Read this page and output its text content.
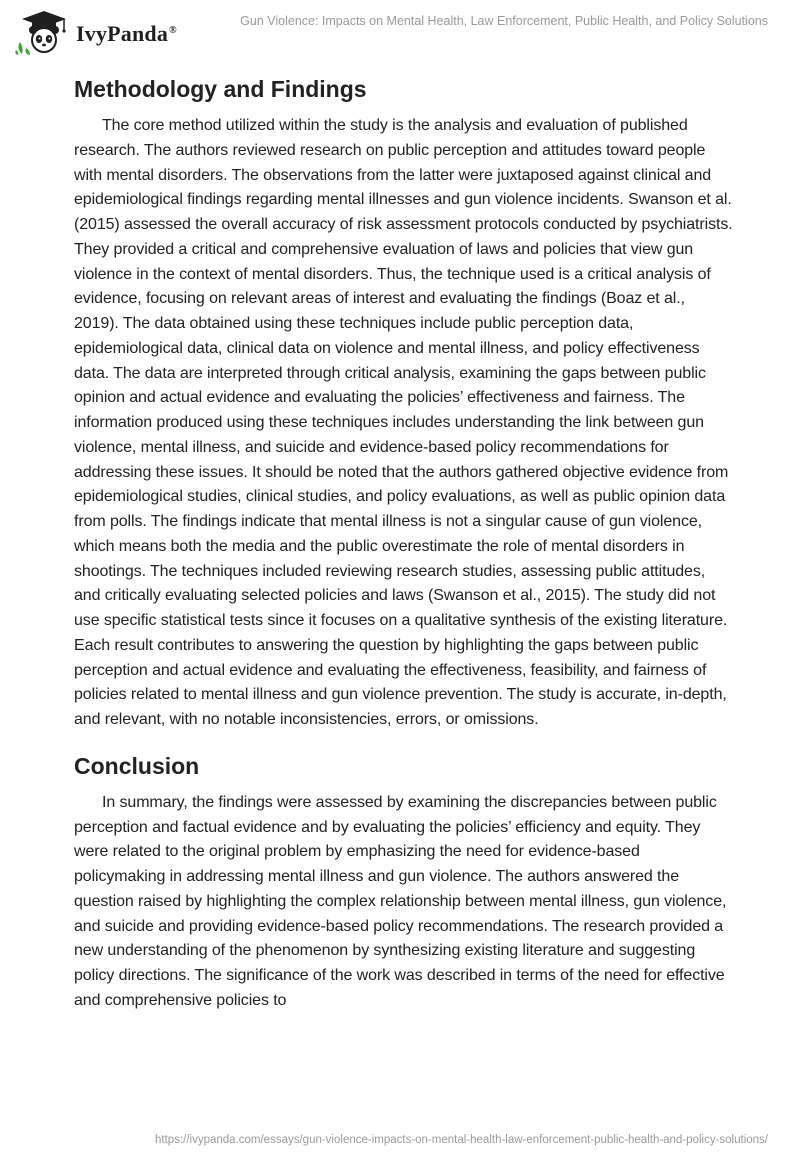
IvyPanda®
Gun Violence: Impacts on Mental Health, Law Enforcement, Public Health, and Policy Solutions
Methodology and Findings

The core method utilized within the study is the analysis and evaluation of published research. The authors reviewed research on public perception and attitudes toward people with mental disorders. The observations from the latter were juxtaposed against clinical and epidemiological findings regarding mental illnesses and gun violence incidents. Swanson et al. (2015) assessed the overall accuracy of risk assessment protocols conducted by psychiatrists. They provided a critical and comprehensive evaluation of laws and policies that view gun violence in the context of mental disorders. Thus, the technique used is a critical analysis of evidence, focusing on relevant areas of interest and evaluating the findings (Boaz et al., 2019). The data obtained using these techniques include public perception data, epidemiological data, clinical data on violence and mental illness, and policy effectiveness data. The data are interpreted through critical analysis, examining the gaps between public opinion and actual evidence and evaluating the policies’ effectiveness and fairness. The information produced using these techniques includes understanding the link between gun violence, mental illness, and suicide and evidence-based policy recommendations for addressing these issues. It should be noted that the authors gathered objective evidence from epidemiological studies, clinical studies, and policy evaluations, as well as public opinion data from polls. The findings indicate that mental illness is not a singular cause of gun violence, which means both the media and the public overestimate the role of mental disorders in shootings. The techniques included reviewing research studies, assessing public attitudes, and critically evaluating selected policies and laws (Swanson et al., 2015). The study did not use specific statistical tests since it focuses on a qualitative synthesis of the existing literature. Each result contributes to answering the question by highlighting the gaps between public perception and actual evidence and evaluating the effectiveness, feasibility, and fairness of policies related to mental illness and gun violence prevention. The study is accurate, in-depth, and relevant, with no notable inconsistencies, errors, or omissions.

Conclusion

In summary, the findings were assessed by examining the discrepancies between public perception and factual evidence and by evaluating the policies’ efficiency and equity. They were related to the original problem by emphasizing the need for evidence-based policymaking in addressing mental illness and gun violence. The authors answered the question raised by highlighting the complex relationship between mental illness, gun violence, and suicide and providing evidence-based policy recommendations. The research provided a new understanding of the phenomenon by synthesizing existing literature and suggesting policy directions. The significance of the work was described in terms of the need for effective and comprehensive policies to

https://ivypanda.com/essays/gun-violence-impacts-on-mental-health-law-enforcement-public-health-and-policy-solutions/
